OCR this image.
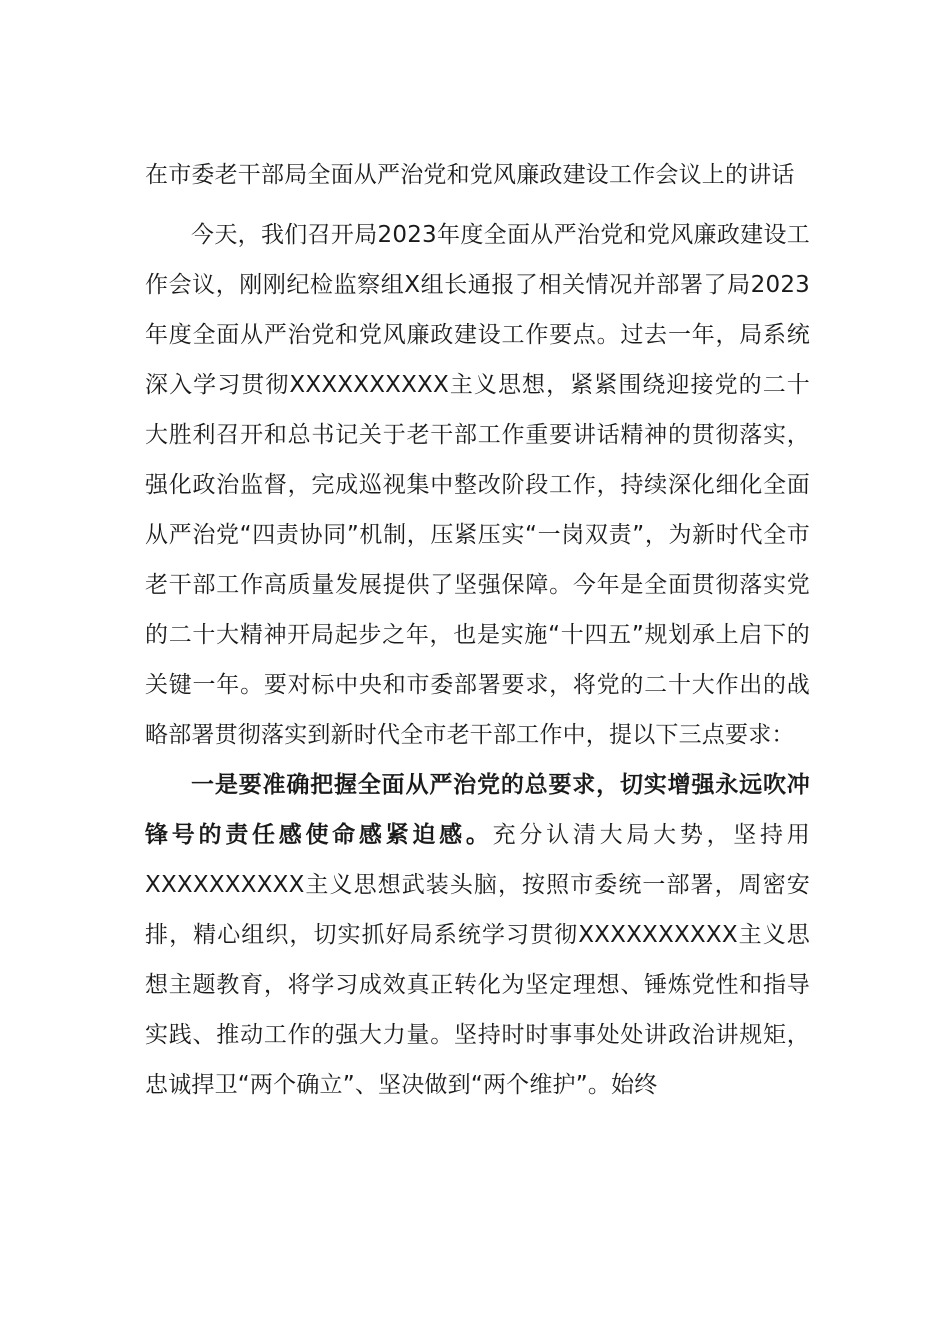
在市委老干部局全面从严治党和党风廉政建设工作会议上的讲话

今天，我们召开局2023年度全面从严治党和党风廉政建设工作会议，刚刚纪检监察组X组长通报了相关情况并部署了局2023年度全面从严治党和党风廉政建设工作要点。过去一年，局系统深入学习贯彻XXXXXXXXXX主义思想，紧紧围绕迎接党的二十大胜利召开和总书记关于老干部工作重要讲话精神的贯彻落实，强化政治监督，完成巡视集中整改阶段工作，持续深化细化全面从严治党“四责协同”机制，压紧压实“一岗双责”，为新时代全市老干部工作高质量发展提供了坚强保障。今年是全面贯彻落实党的二十大精神开局起步之年，也是实施“十四五”规划承上启下的关键一年。要对标中央和市委部署要求，将党的二十大作出的战略部署贯彻落实到新时代全市老干部工作中，提以下三点要求：

一是要准确把握全面从严治党的总要求，切实增强永远吹冲锋号的责任感使命感紧迫感。充分认清大局大势，坚持用XXXXXXXXXX主义思想武装头脑，按照市委统一部署，周密安排，精心组织，切实抓好局系统学习贯彻XXXXXXXXXX主义思想主题教育，将学习成效真正转化为坚定理想、锤炼党性和指导实践、推动工作的强大力量。坚持时时事事处处讲政治讲规矩，忠诚捍卫“两个确立”、坚决做到“两个维护”。始终
